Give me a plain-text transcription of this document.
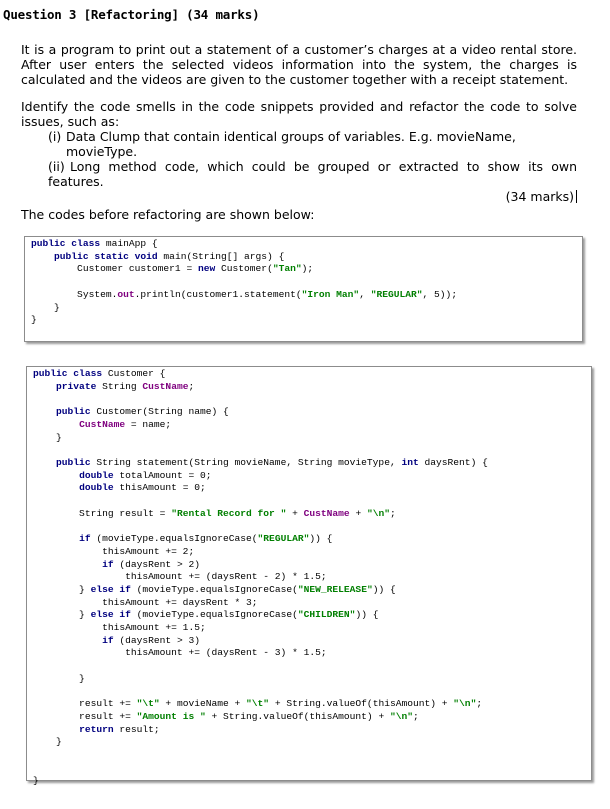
Question 3 [Refactoring] (34 marks)
It is a program to print out a statement of a customer’s charges at a video rental store. After user enters the selected videos information into the system, the charges is calculated and the videos are given to the customer together with a receipt statement.
Identify the code smells in the code snippets provided and refactor the code to solve issues, such as:
(i) Data Clump that contain identical groups of variables. E.g. movieName,
movieType.
(ii) Long method code, which could be grouped or extracted to show its own features.
(34 marks)
The codes before refactoring are shown below:
public class mainApp {
public static void main(String[] args) {
Customer customer1 = new Customer("Tan");

System.out.println(customer1.statement("Iron Man", "REGULAR", 5));
}
}
public class Customer {
private String CustName;

public Customer(String name) {
CustName = name;
}

public String statement(String movieName, String movieType, int daysRent) {
double totalAmount = 0;
double thisAmount = 0;

String result = "Rental Record for " + CustName + "\n";

if (movieType.equalsIgnoreCase("REGULAR")) {
thisAmount += 2;
if (daysRent > 2)
thisAmount += (daysRent - 2) * 1.5;
} else if (movieType.equalsIgnoreCase("NEW_RELEASE")) {
thisAmount += daysRent * 3;
} else if (movieType.equalsIgnoreCase("CHILDREN")) {
thisAmount += 1.5;
if (daysRent > 3)
thisAmount += (daysRent - 3) * 1.5;

}

result += "\t" + movieName + "\t" + String.valueOf(thisAmount) + "\n";
result += "Amount is " + String.valueOf(thisAmount) + "\n";
return result;
}

}
